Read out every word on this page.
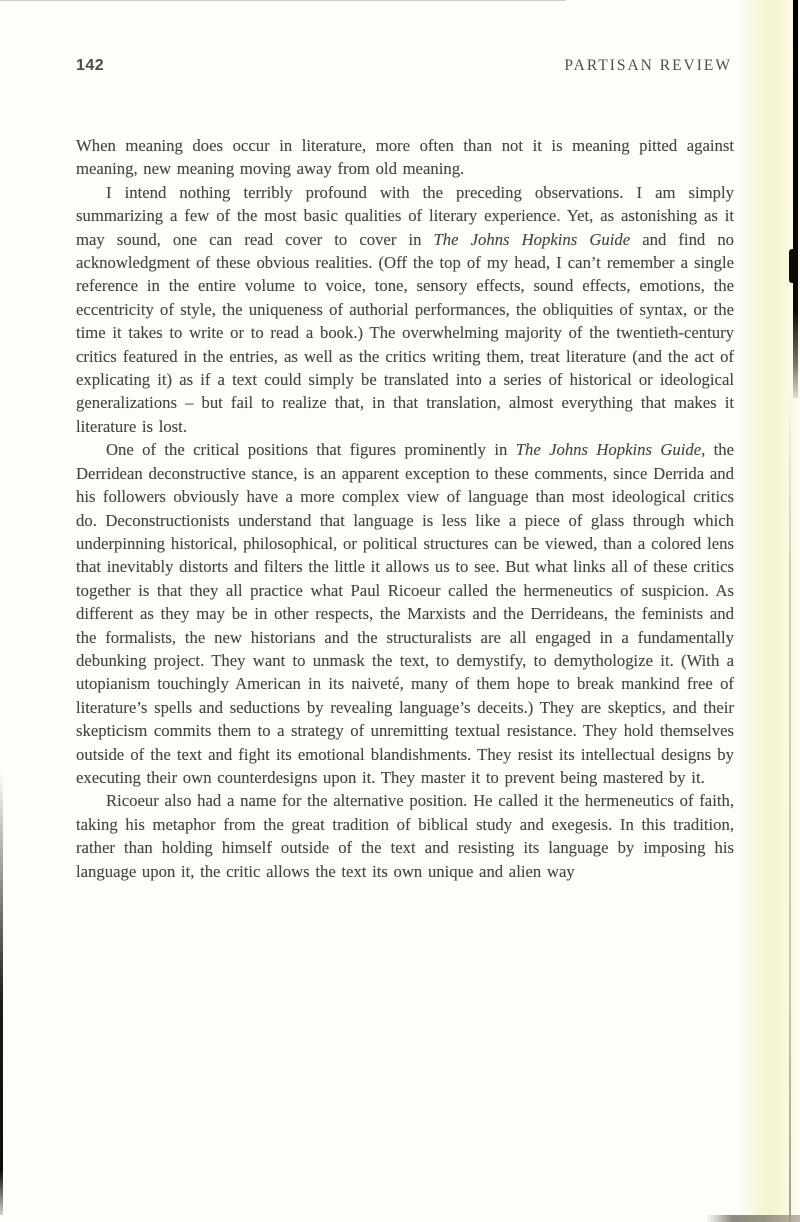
142	PARTISAN REVIEW

When meaning does occur in literature, more often than not it is meaning pitted against meaning, new meaning moving away from old meaning.

I intend nothing terribly profound with the preceding observations. I am simply summarizing a few of the most basic qualities of literary experience. Yet, as astonishing as it may sound, one can read cover to cover in The Johns Hopkins Guide and find no acknowledgment of these obvious realities. (Off the top of my head, I can’t remember a single reference in the entire volume to voice, tone, sensory effects, sound effects, emotions, the eccentricity of style, the uniqueness of authorial performances, the obliquities of syntax, or the time it takes to write or to read a book.) The overwhelming majority of the twentieth-century critics featured in the entries, as well as the critics writing them, treat literature (and the act of explicating it) as if a text could simply be translated into a series of historical or ideological generalizations – but fail to realize that, in that translation, almost everything that makes it literature is lost.

One of the critical positions that figures prominently in The Johns Hopkins Guide, the Derridean deconstructive stance, is an apparent exception to these comments, since Derrida and his followers obviously have a more complex view of language than most ideological critics do. Deconstructionists understand that language is less like a piece of glass through which underpinning historical, philosophical, or political structures can be viewed, than a colored lens that inevitably distorts and filters the little it allows us to see. But what links all of these critics together is that they all practice what Paul Ricoeur called the hermeneutics of suspicion. As different as they may be in other respects, the Marxists and the Derrideans, the feminists and the formalists, the new historians and the structuralists are all engaged in a fundamentally debunking project. They want to unmask the text, to demystify, to demythologize it. (With a utopianism touchingly American in its naiveté, many of them hope to break mankind free of literature’s spells and seductions by revealing language’s deceits.) They are skeptics, and their skepticism commits them to a strategy of unremitting textual resistance. They hold themselves outside of the text and fight its emotional blandishments. They resist its intellectual designs by executing their own counterdesigns upon it. They master it to prevent being mastered by it.

Ricoeur also had a name for the alternative position. He called it the hermeneutics of faith, taking his metaphor from the great tradition of biblical study and exegesis. In this tradition, rather than holding himself outside of the text and resisting its language by imposing his language upon it, the critic allows the text its own unique and alien way
